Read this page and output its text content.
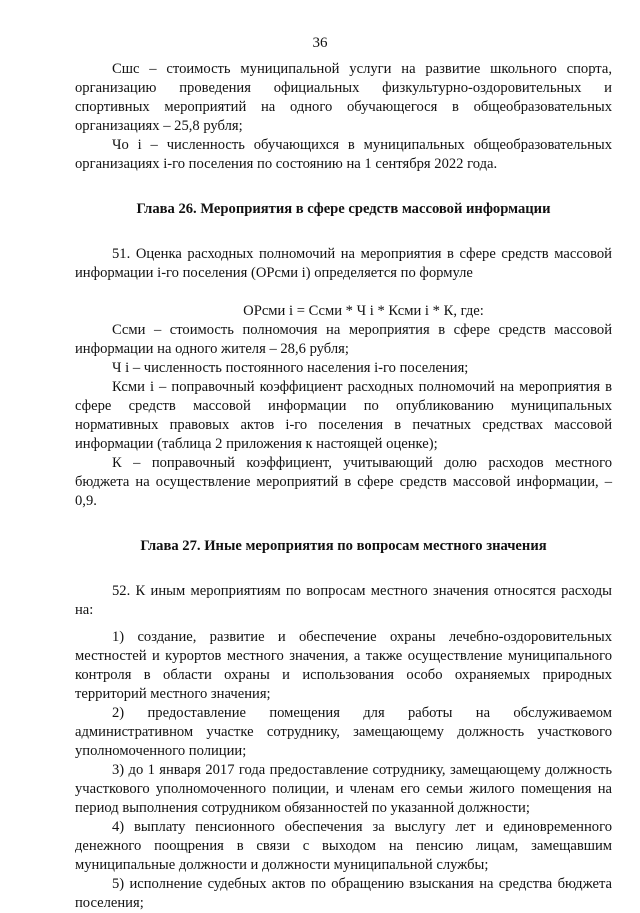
36

Сшс – стоимость муниципальной услуги на развитие школьного спорта, организацию проведения официальных физкультурно-оздоровительных и спортивных мероприятий на одного обучающегося в общеобразовательных организациях – 25,8 рубля;

Чо i – численность обучающихся в муниципальных общеобразовательных организациях i-го поселения по состоянию на 1 сентября 2022 года.

Глава 26. Мероприятия в сфере средств массовой информации

51. Оценка расходных полномочий на мероприятия в сфере средств массовой информации i-го поселения (ОРсми i) определяется по формуле

ОРсми i = Ссми * Ч i * Ксми i * К, где:

Ссми – стоимость полномочия на мероприятия в сфере средств массовой информации на одного жителя – 28,6 рубля;

Ч i – численность постоянного населения i-го поселения;

Ксми i – поправочный коэффициент расходных полномочий на мероприятия в сфере средств массовой информации по опубликованию муниципальных нормативных правовых актов i-го поселения в печатных средствах массовой информации (таблица 2 приложения к настоящей оценке);

К – поправочный коэффициент, учитывающий долю расходов местного бюджета на осуществление мероприятий в сфере средств массовой информации, – 0,9.

Глава 27. Иные мероприятия по вопросам местного значения

52. К иным мероприятиям по вопросам местного значения относятся расходы на:

1) создание, развитие и обеспечение охраны лечебно-оздоровительных местностей и курортов местного значения, а также осуществление муниципального контроля в области охраны и использования особо охраняемых природных территорий местного значения;

2) предоставление помещения для работы на обслуживаемом административном участке сотруднику, замещающему должность участкового уполномоченного полиции;

3) до 1 января 2017 года предоставление сотруднику, замещающему должность участкового уполномоченного полиции, и членам его семьи жилого помещения на период выполнения сотрудником обязанностей по указанной должности;

4) выплату пенсионного обеспечения за выслугу лет и единовременного денежного поощрения в связи с выходом на пенсию лицам, замещавшим муниципальные должности и должности муниципальной службы;

5) исполнение судебных актов по обращению взыскания на средства бюджета поселения;
